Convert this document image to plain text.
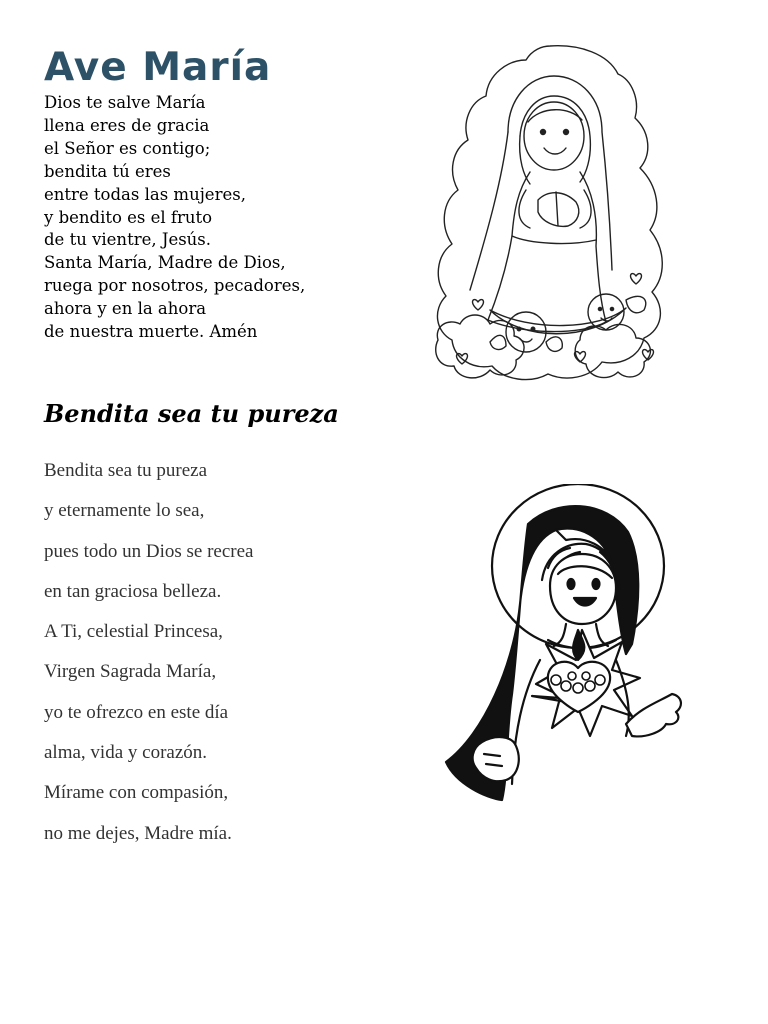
Ave María
Dios te salve María
llena eres de gracia
el Señor es contigo;
bendita tú eres
entre todas las mujeres,
y bendito es el fruto
de tu vientre, Jesús.
Santa María, Madre de Dios,
ruega por nosotros, pecadores,
ahora y en la ahora
de nuestra muerte. Amén
Bendita sea tu pureza
Bendita sea tu pureza
y eternamente lo sea,
pues todo un Dios se recrea
en tan graciosa belleza.
A Ti, celestial Princesa,
Virgen Sagrada María,
yo te ofrezco en este día
alma, vida y corazón.
Mírame con compasión,
no me dejes, Madre mía.
